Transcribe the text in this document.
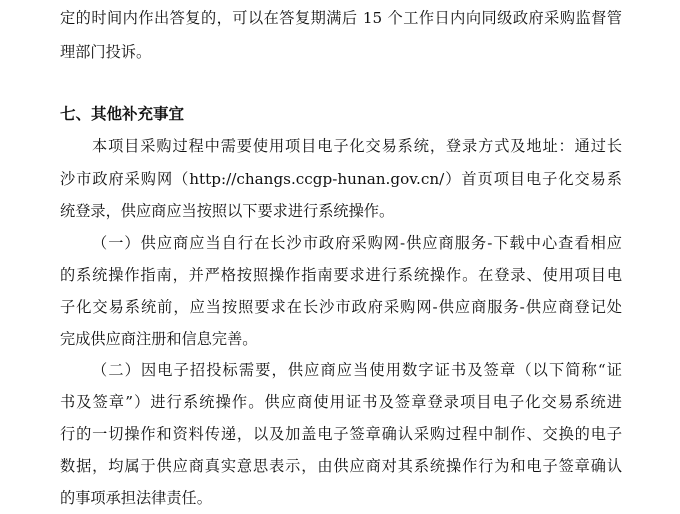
定的时间内作出答复的，可以在答复期满后 15 个工作日内向同级政府采购监督管
理部门投诉。
七、其他补充事宜
本项目采购过程中需要使用项目电子化交易系统，登录方式及地址：通过长
沙市政府采购网（http://changs.ccgp-hunan.gov.cn/）首页项目电子化交易系
统登录，供应商应当按照以下要求进行系统操作。
（一）供应商应当自行在长沙市政府采购网-供应商服务-下载中心查看相应
的系统操作指南，并严格按照操作指南要求进行系统操作。在登录、使用项目电
子化交易系统前，应当按照要求在长沙市政府采购网-供应商服务-供应商登记处
完成供应商注册和信息完善。
（二）因电子招投标需要，供应商应当使用数字证书及签章（以下简称“证
书及签章”）进行系统操作。供应商使用证书及签章登录项目电子化交易系统进
行的一切操作和资料传递，以及加盖电子签章确认采购过程中制作、交换的电子
数据，均属于供应商真实意思表示，由供应商对其系统操作行为和电子签章确认
的事项承担法律责任。
